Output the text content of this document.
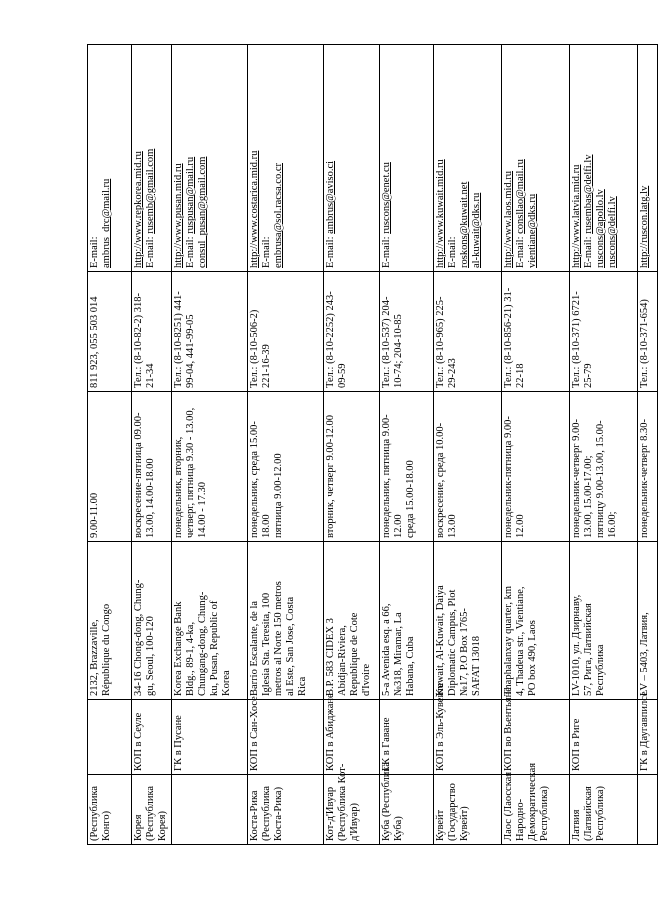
(Республика Конго)		2132, Brazzaville, République du Congo	9.00-11.00	811 923, 055 503 014	E-mail: ambrus_drc@mail.ru

Корея (Республика Корея)	КОП в Сеуле	34-16 Chong-dong, Chung- gu, Seoul, 100-120	воскресение-пятница 09.00- 13.00, 14.00-18.00	Тел.: (8-10-82-2) 318- 21-34	http://www.repkorea.mid.ru E-mail: rusemb@gmail.com

	ГК в Пусане	Korea Exchange Bank Bldg., 89-1, 4-ka, Chungang-dong, Chung- ku, Pusan, Republic of Korea	понедельник, вторник, четверг, пятница 9.30 - 13.00, 14.00 - 17.30	Тел.: (8-10-8251) 441- 99-04, 441-99-05	http://www.pusan.mid.ru E-mail: ruspusan@mail.ru consul_pusan@gmail.com

Коста-Рика (Республика Коста-Рика)	КОП в Сан-Хосе	Barrio Escalante, de la Iglesia Sta. Teresita, 100 metros al Norte 150 metros al Este, San Jose, Costa Rica	понедельник, среда 15.00- 18.00 пятница 9.00-12.00	Тел.: (8-10-506-2) 221-16-39	http://www.costarica.mid.ru E-mail: embrusa@sol.racsa.co.cr

Кот-д'Ивуар (Республика Кот- д'Ивуар)	КОП в Абиджане	B.P. 583 CIDEX 3 Abidjan-Riviera, Republique de Cote d'Ivoire	вторник, четверг 9.00-12.00	Тел.: (8-10-2252) 243- 09-59	E-mail: ambrus@aviso.ci

Куба (Республика Куба)	ГК в Гаване	5-a Avenida esq. a 66, №318, Miramar, La Habana, Cuba	понедельник, пятница 9.00- 12.00 среда 15.00-18.00	Тел.: (8-10-537) 204- 10-74; 204-10-85	E-mail: ruscons@enet.cu

Кувейт (Государство Кувейт)	КОП в Эль-Кувейте	Kuwait, Al-Kuwait, Daiya Diplomatic Campus, Plot №17, P.O Box 1765- SAFAT 13018	воскресение, среда 10.00- 13.00	Тел.: (8-10-965) 225- 29-243	http://www.kuwait.mid.ru E-mail: roskons@kuwait.net al-kuwait@dks.ru

Лаос (Лаосская Народно- Демократическая Республика)	КОП во Вьентьяне	Thaphalanxay quarter, km 4, Thadeua str., Vientiane, PO box 490, Laos	понедельник-пятница 9.00- 12.00	Тел.: (8-10-856-21) 31- 22-18	http://www.laos.mid.ru E-mail: consllao@mail.ru vientiane@dks.ru

Латвия (Латвийская Республика)	КОП в Риге	LV-1010, ул. Дзирнаву, 57, Рига, Латвийская Республика	понедельник-четверг 9.00- 13.00, 15.00-17.00; пятницу 9.00-13.00, 15.00- 16.00;	Тел.: (8-10-371) 6721- 25-79	http://www.latvia.mid.ru E-mail: rusembas@delfi.lv ruscons@apollo.lv ruscons@delfi.lv

	ГК в Даугавпилсе	LV – 5403, Латвия,	понедельник-четверг 8.30-	Тел.: (8-10-371-654)	http://ruscon.latg.lv
